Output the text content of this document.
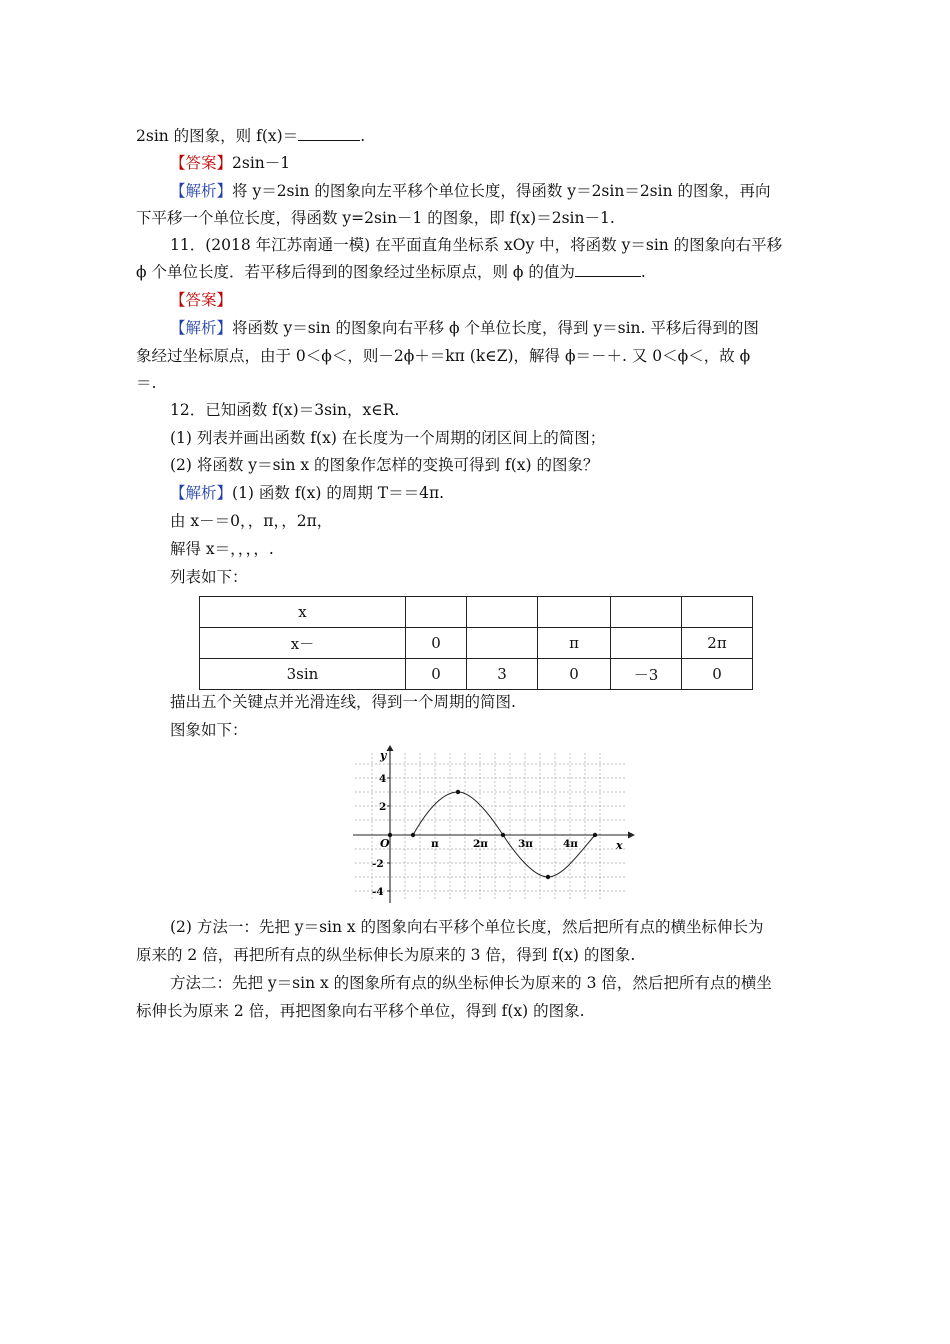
2sin 的图象，则 f(x)＝	.
【答案】2sin－1
【解析】将 y＝2sin 的图象向左平移个单位长度，得函数 y＝2sin＝2sin 的图象，再向
下平移一个单位长度，得函数 y=2sin－1 的图象，即 f(x)＝2sin－1.
11．(2018 年江苏南通一模) 在平面直角坐标系 xOy 中，将函数 y＝sin 的图象向右平移
ϕ 个单位长度．若平移后得到的图象经过坐标原点，则 ϕ 的值为	.
【答案】
【解析】将函数 y＝sin 的图象向右平移 ϕ 个单位长度，得到 y＝sin. 平移后得到的图
象经过坐标原点，由于 0＜ϕ＜，则－2ϕ＋＝kπ (k∈Z)，解得 ϕ＝－＋. 又 0＜ϕ＜，故 ϕ
＝.
12．已知函数 f(x)＝3sin，x∈R.
(1) 列表并画出函数 f(x) 在长度为一个周期的闭区间上的简图；
(2) 将函数 y＝sin x 的图象作怎样的变换可得到 f(x) 的图象？
【解析】(1) 函数 f(x) 的周期 T＝＝4π.
由 x－＝0，，π，，2π，
解得 x＝，，，，.
列表如下：
x					
x－	0		π		2π
3sin	0	3	0	－3	0
描出五个关键点并光滑连线，得到一个周期的简图.
图象如下：
y
x
O
4
2
-2
-4
π	2π	3π	4π
(2) 方法一：先把 y＝sin x 的图象向右平移个单位长度，然后把所有点的横坐标伸长为
原来的 2 倍，再把所有点的纵坐标伸长为原来的 3 倍，得到 f(x) 的图象.
方法二：先把 y＝sin x 的图象所有点的纵坐标伸长为原来的 3 倍，然后把所有点的横坐
标伸长为原来 2 倍，再把图象向右平移个单位，得到 f(x) 的图象.
